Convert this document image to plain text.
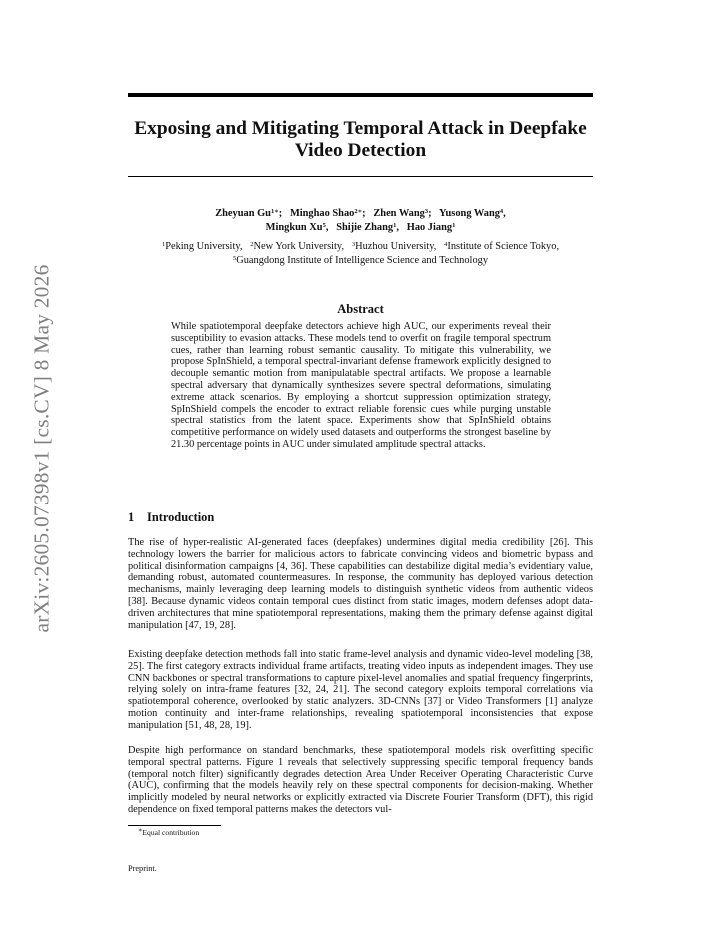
arXiv:2605.07398v1 [cs.CV] 8 May 2026
Exposing and Mitigating Temporal Attack in Deepfake
Video Detection
Zheyuan $Gu^{1∗}$;   Minghao Shao$^{2∗}$;   Zhen Wang$^3$;   Yusong Wang$^4$,
Mingkun Xu$^5$,   Shijie Zhang$^1$,   Hao Jiang$^1$
$^1$Peking University,   $^2$New York University,   $^3$Huzhou University,   $^4$Institute of Science Tokyo,
$^5$Guangdong Institute of Intelligence Science and Technology
Abstract
While spatiotemporal deepfake detectors achieve high AUC, our experiments reveal their susceptibility to evasion attacks. These models tend to overfit on fragile temporal spectrum cues, rather than learning robust semantic causality. To mitigate this vulnerability, we propose SpInShield, a temporal spectral-invariant defense framework explicitly designed to decouple semantic motion from manipulatable spectral artifacts. We propose a learnable spectral adversary that dynamically synthesizes severe spectral deformations, simulating extreme attack scenarios. By employing a shortcut suppression optimization strategy, SpInShield compels the encoder to extract reliable forensic cues while purging unstable spectral statistics from the latent space. Experiments show that SpInShield obtains competitive performance on widely used datasets and outperforms the strongest baseline by 21.30 percentage points in AUC under simulated amplitude spectral attacks.
1 Introduction

The rise of hyper-realistic AI-generated faces (deepfakes) undermines digital media credibility [26]. This technology lowers the barrier for malicious actors to fabricate convincing videos and biometric bypass and political disinformation campaigns [4, 36]. These capabilities can destabilize digital media’s evidentiary value, demanding robust, automated countermeasures. In response, the community has deployed various detection mechanisms, mainly leveraging deep learning models to distinguish synthetic videos from authentic videos [38]. Because dynamic videos contain temporal cues distinct from static images, modern defenses adopt data-driven architectures that mine spatiotemporal representations, making them the primary defense against digital manipulation [47, 19, 28].

Existing deepfake detection methods fall into static frame-level analysis and dynamic video-level modeling [38, 25]. The first category extracts individual frame artifacts, treating video inputs as independent images. They use CNN backbones or spectral transformations to capture pixel-level anomalies and spatial frequency fingerprints, relying solely on intra-frame features [32, 24, 21]. The second category exploits temporal correlations via spatiotemporal coherence, overlooked by static analyzers. 3D-CNNs [37] or Video Transformers [1] analyze motion continuity and inter-frame relationships, revealing spatiotemporal inconsistencies that expose manipulation [51, 48, 28, 19].

Despite high performance on standard benchmarks, these spatiotemporal models risk overfitting specific temporal spectral patterns. Figure 1 reveals that selectively suppressing specific temporal frequency bands (temporal notch filter) significantly degrades detection Area Under Receiver Operating Characteristic Curve (AUC), confirming that the models heavily rely on these spectral components for decision-making. Whether implicitly modeled by neural networks or explicitly extracted via Discrete Fourier Transform (DFT), this rigid dependence on fixed temporal patterns makes the detectors vul-

∗Equal contribution
Preprint.
